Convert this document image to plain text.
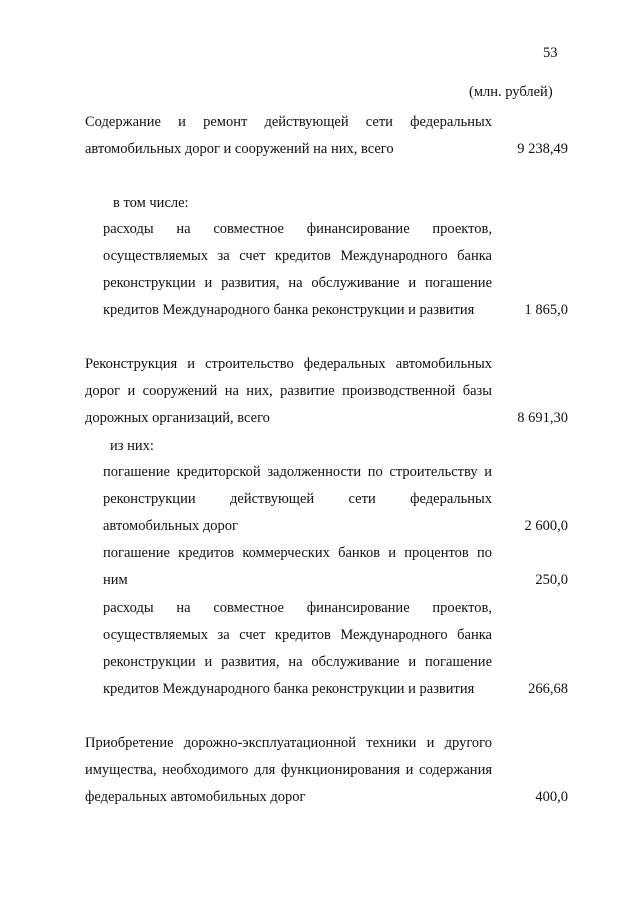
53
(млн. рублей)
Содержание и ремонт действующей сети федеральных
автомобильных дорог и сооружений на них, всего	9 238,49
в том числе:
расходы на совместное финансирование проектов,
осуществляемых за счет кредитов Международного банка
реконструкции и развития, на обслуживание и погашение
кредитов Международного банка реконструкции и развития	1 865,0
Реконструкция и строительство федеральных автомобильных
дорог и сооружений на них, развитие производственной базы
дорожных организаций, всего	8 691,30
из них:
погашение кредиторской задолженности по строительству и
реконструкции действующей сети федеральных
автомобильных дорог	2 600,0
погашение кредитов коммерческих банков и процентов по
ним	250,0
расходы на совместное финансирование проектов,
осуществляемых за счет кредитов Международного банка
реконструкции и развития, на обслуживание и погашение
кредитов Международного банка реконструкции и развития	266,68
Приобретение дорожно-эксплуатационной техники и другого
имущества, необходимого для функционирования и содержания
федеральных автомобильных дорог	400,0
